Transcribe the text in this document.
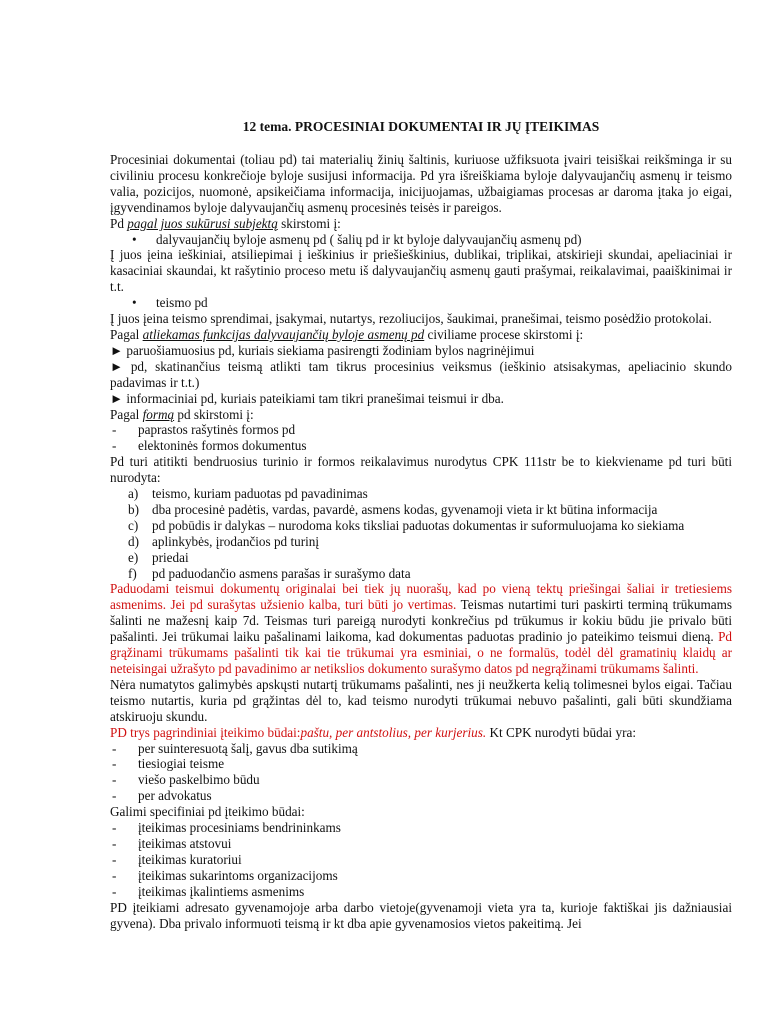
12 tema. PROCESINIAI DOKUMENTAI IR JŲ ĮTEIKIMAS

Procesiniai dokumentai (toliau pd) tai materialių žinių šaltinis, kuriuose užfiksuota įvairi teisiškai reikšminga ir su civiliniu procesu konkrečioje byloje susijusi informacija. Pd yra išreiškiama byloje dalyvaujančių asmenų ir teismo valia, pozicijos, nuomonė, apsikeičiama informacija, inicijuojamas, užbaigiamas procesas ar daroma įtaka jo eigai, įgyvendinamos byloje dalyvaujančių asmenų procesinės teisės ir pareigos.

Pd pagal juos sukūrusi subjektą skirstomi į:

• dalyvaujančių byloje asmenų pd ( šalių pd ir kt byloje dalyvaujančių asmenų pd)

Į juos įeina ieškiniai, atsiliepimai į ieškinius ir priešieškinius, dublikai, triplikai, atskirieji skundai, apeliaciniai ir kasaciniai skaundai, kt rašytinio proceso metu iš dalyvaujančių asmenų gauti prašymai, reikalavimai, paaiškinimai ir t.t.

• teismo pd

Į juos įeina teismo sprendimai, įsakymai, nutartys, rezoliucijos, šaukimai, pranešimai, teismo posėdžio protokolai.

Pagal atliekamas funkcijas dalyvaujančių byloje asmenų pd civiliame procese skirstomi į:

► paruošiamuosius pd, kuriais siekiama pasirengti žodiniam bylos nagrinėjimui

► pd, skatinančius teismą atlikti tam tikrus procesinius veiksmus (ieškinio atsisakymas, apeliacinio skundo padavimas ir t.t.)

► informaciniai pd, kuriais pateikiami tam tikri pranešimai teismui ir dba.

Pagal formą pd skirstomi į:

- paprastos rašytinės formos pd

- elektoninės formos dokumentus

Pd turi atitikti bendruosius turinio ir formos reikalavimus nurodytus CPK 111str be to kiekviename pd turi būti nurodyta:

a) teismo, kuriam paduotas pd pavadinimas

b) dba procesinė padėtis, vardas, pavardė, asmens kodas, gyvenamoji vieta ir kt būtina informacija

c) pd pobūdis ir dalykas – nurodoma koks tiksliai paduotas dokumentas ir suformuluojama ko siekiama

d) aplinkybės, įrodančios pd turinį

e) priedai

f) pd paduodančio asmens parašas ir surašymo data

Paduodami teismui dokumentų originalai bei tiek jų nuorašų, kad po vieną tektų priešingai šaliai ir tretiesiems asmenims. Jei pd surašytas užsienio kalba, turi būti jo vertimas. Teismas nutartimi turi paskirti terminą trūkumams šalinti ne mažesnį kaip 7d. Teismas turi pareigą nurodyti konkrečius pd trūkumus ir kokiu būdu jie privalo būti pašalinti. Jei trūkumai laiku pašalinami laikoma, kad dokumentas paduotas pradinio jo pateikimo teismui dieną. Pd grąžinami trūkumams pašalinti tik kai tie trūkumai yra esminiai, o ne formalūs, todėl dėl gramatinių klaidų ar neteisingai užrašyto pd pavadinimo ar netikslios dokumento surašymo datos pd negrąžinami trūkumams šalinti.

Nėra numatytos galimybės apskųsti nutartį trūkumams pašalinti, nes ji neužkerta kelią tolimesnei bylos eigai. Tačiau teismo nutartis, kuria pd grąžintas dėl to, kad teismo nurodyti trūkumai nebuvo pašalinti, gali būti skundžiama atskiruoju skundu.

PD trys pagrindiniai įteikimo būdai:paštu, per antstolius, per kurjerius. Kt CPK nurodyti būdai yra:

- per suinteresuotą šalį, gavus dba sutikimą

- tiesiogiai teisme

- viešo paskelbimo būdu

- per advokatus

Galimi specifiniai pd įteikimo būdai:

- įteikimas procesiniams bendrininkams

- įteikimas atstovui

- įteikimas kuratoriui

- įteikimas sukarintoms organizacijoms

- įteikimas įkalintiems asmenims

PD įteikiami adresato gyvenamojoje arba darbo vietoje(gyvenamoji vieta yra ta, kurioje faktiškai jis dažniausiai gyvena). Dba privalo informuoti teismą ir kt dba apie gyvenamosios vietos pakeitimą. Jei
